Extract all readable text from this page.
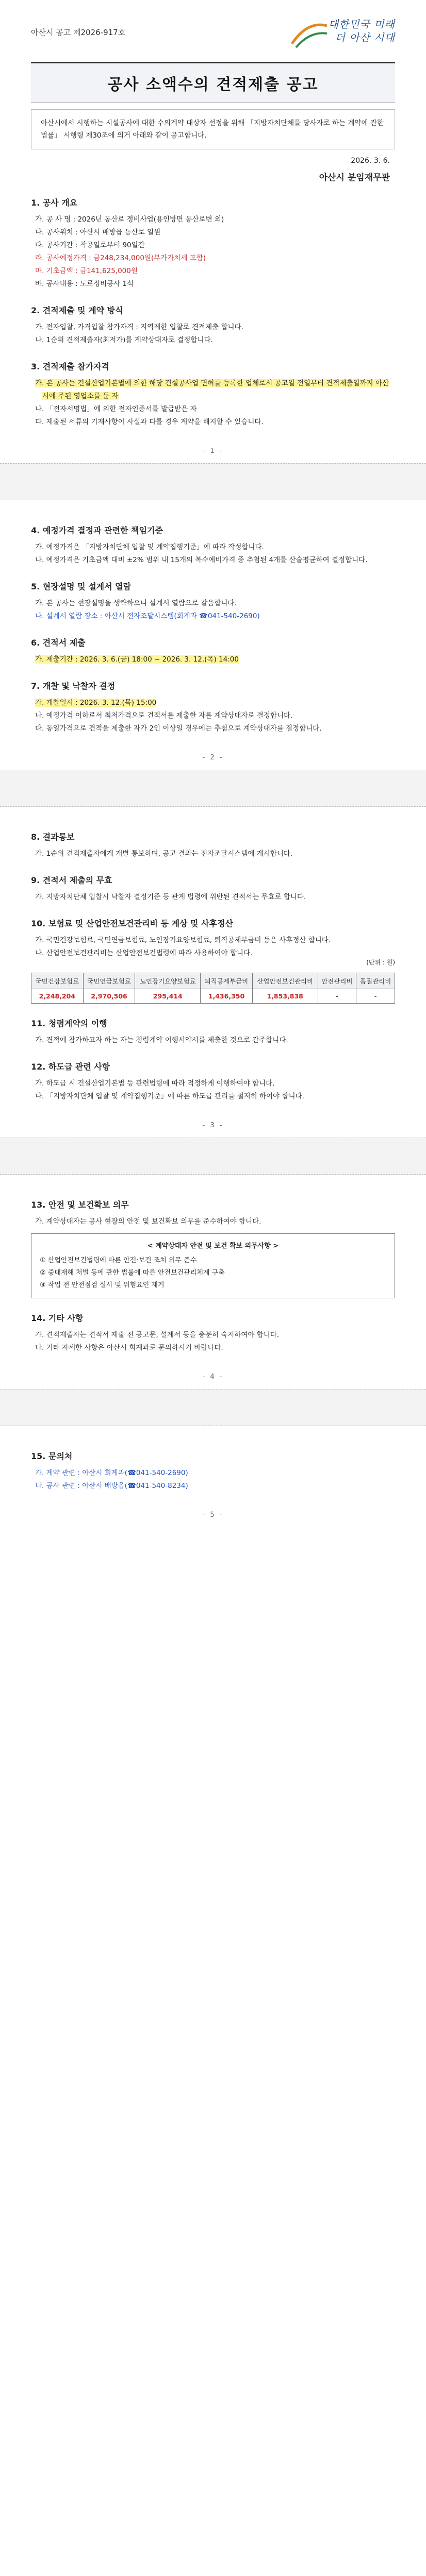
아산시 공고 제2026-917호
대한민국 미래
더 아산 시대
공사 소액수의 견적제출 공고
아산시에서 시행하는 시설공사에 대한 수의계약 대상자 선정을 위해 「지방자치단체를 당사자로 하는 계약에 관한 법률」 시행령 제30조에 의거 아래와 같이 공고합니다.
2026. 3. 6.
아산시 분임재무관
1. 공사 개요
가. 공 사 명 : 2026년 동산로 정비사업(용인방면 동산로변 외)
나. 공사위치 : 아산시 배방읍 동산로 일원
다. 공사기간 : 착공일로부터 90일간
라. 공사예정가격 : 금248,234,000원(부가가치세 포함)
마. 기초금액 : 금141,625,000원
바. 공사내용 : 도로정비공사 1식
2. 견적제출 및 계약 방식
가. 전자입찰, 가격입찰 참가자격 : 지역제한 입찰로 견적제출 합니다.
나. 1순위 견적제출자(최저가)를 계약상대자로 결정합니다.
3. 견적제출 참가자격
가. 본 공사는 건설산업기본법에 의한 해당 건설공사업 면허를 등록한 업체로서 공고일 전일부터 견적제출일까지 아산시에 주된 영업소를 둔 자
나. 「전자서명법」에 의한 전자인증서를 발급받은 자
다. 제출된 서류의 기재사항이 사실과 다를 경우 계약을 해지할 수 있습니다.
- 1 -
4. 예정가격 결정과 관련한 책임기준
가. 예정가격은 「지방자치단체 입찰 및 계약집행기준」에 따라 작성합니다.
나. 예정가격은 기초금액 대비 ±2% 범위 내 15개의 복수예비가격 중 추첨된 4개를 산술평균하여 결정합니다.
5. 현장설명 및 설계서 열람
가. 본 공사는 현장설명을 생략하오니 설계서 열람으로 갈음합니다.
나. 설계서 열람 장소 : 아산시 전자조달시스템(회계과 ☎041-540-2690)
6. 견적서 제출
가. 제출기간 : 2026. 3. 6.(금) 18:00 ~ 2026. 3. 12.(목) 14:00
7. 개찰 및 낙찰자 결정
가. 개찰일시 : 2026. 3. 12.(목) 15:00
나. 예정가격 이하로서 최저가격으로 견적서를 제출한 자를 계약상대자로 결정합니다.
다. 동일가격으로 견적을 제출한 자가 2인 이상일 경우에는 추첨으로 계약상대자를 결정합니다.
- 2 -
8. 결과통보
가. 1순위 견적제출자에게 개별 통보하며, 공고 결과는 전자조달시스템에 게시합니다.
9. 견적서 제출의 무효
가. 지방자치단체 입찰시 낙찰자 결정기준 등 관계 법령에 위반된 견적서는 무효로 합니다.
10. 보험료 및 산업안전보건관리비 등 계상 및 사후정산
가. 국민건강보험료, 국민연금보험료, 노인장기요양보험료, 퇴직공제부금비 등은 사후정산 합니다.
나. 산업안전보건관리비는 산업안전보건법령에 따라 사용하여야 합니다.
(단위 : 원)
국민건강보험료	국민연금보험료	노인장기요양보험료	퇴직공제부금비	산업안전보건관리비	안전관리비	품질관리비
2,248,204	2,970,506	295,414	1,436,350	1,853,838	-	-
11. 청렴계약의 이행
가. 견적에 참가하고자 하는 자는 청렴계약 이행서약서를 제출한 것으로 간주합니다.
12. 하도급 관련 사항
가. 하도급 시 건설산업기본법 등 관련법령에 따라 적정하게 이행하여야 합니다.
나. 「지방자치단체 입찰 및 계약집행기준」에 따른 하도급 관리를 철저히 하여야 합니다.
- 3 -
13. 안전 및 보건확보 의무
가. 계약상대자는 공사 현장의 안전 및 보건확보 의무를 준수하여야 합니다.
< 계약상대자 안전 및 보건 확보 의무사항 >
① 산업안전보건법령에 따른 안전·보건 조치 의무 준수
② 중대재해 처벌 등에 관한 법률에 따른 안전보건관리체계 구축
③ 작업 전 안전점검 실시 및 위험요인 제거
14. 기타 사항
가. 견적제출자는 견적서 제출 전 공고문, 설계서 등을 충분히 숙지하여야 합니다.
나. 기타 자세한 사항은 아산시 회계과로 문의하시기 바랍니다.
- 4 -
15. 문의처
가. 계약 관련 : 아산시 회계과(☎041-540-2690)
나. 공사 관련 : 아산시 배방읍(☎041-540-8234)
- 5 -
